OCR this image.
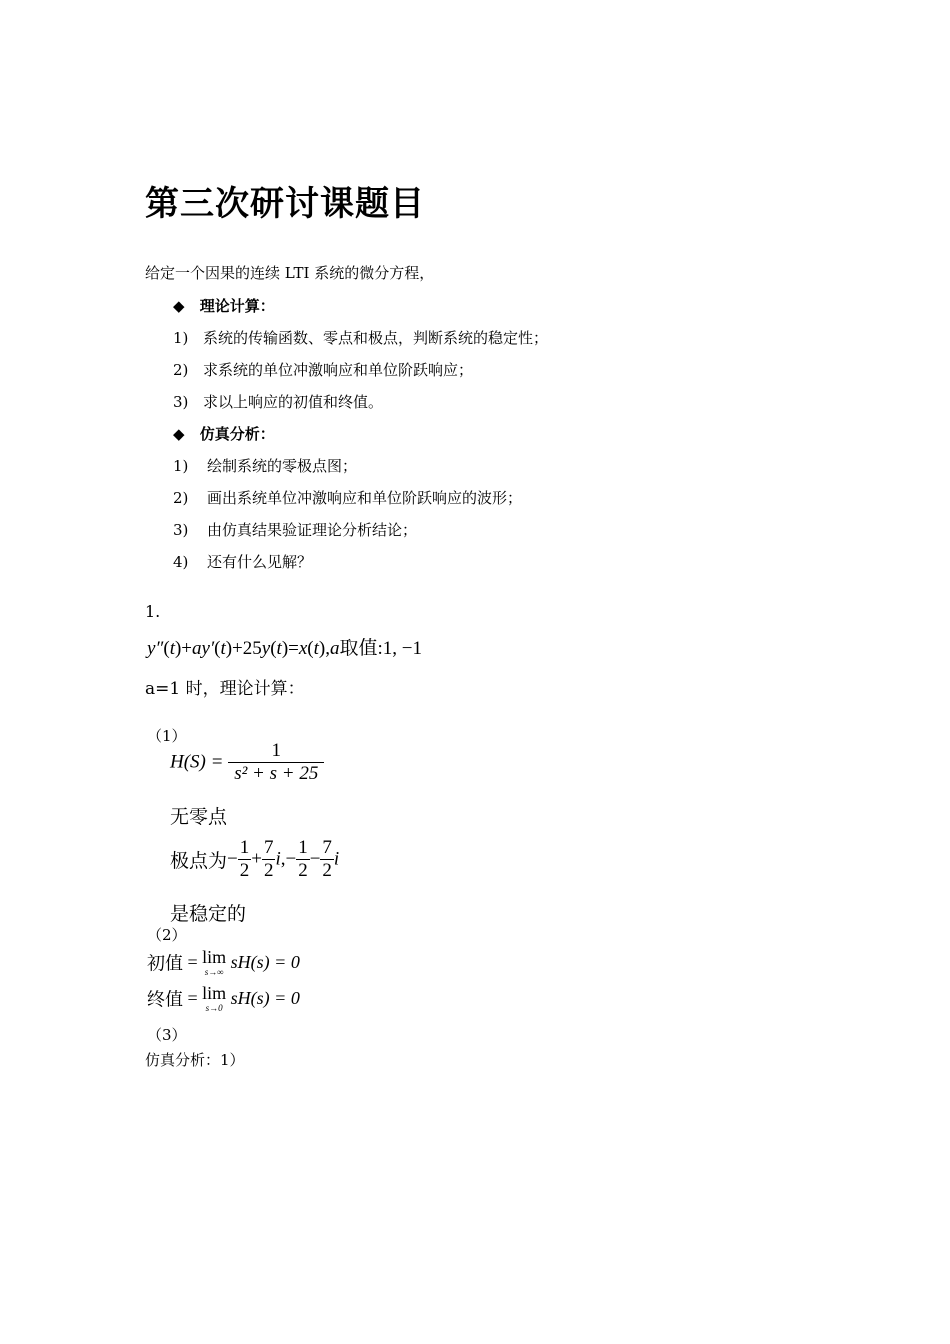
第三次研讨课题目
给定一个因果的连续 LTI 系统的微分方程，
◆ 理论计算：
1) 系统的传输函数、零点和极点，判断系统的稳定性；
2) 求系统的单位冲激响应和单位阶跃响应；
3) 求以上响应的初值和终值。
◆ 仿真分析：
1) 绘制系统的零极点图；
2) 画出系统单位冲激响应和单位阶跃响应的波形；
3) 由仿真结果验证理论分析结论；
4) 还有什么见解？
1.
y″(t)+ay′(t)+25y(t)=x(t),a取值:1, −1
a=1 时，理论计算：
（1）
$H(S) = \frac{1}{\text{s² + s + 25}}$
无零点
极点为− $\frac{1}{2} + \frac{7}{2} i,- \frac{1}{2} - \frac{7}{2}$ i
是稳定的
（2）
初值 = lim
s→∞ sH(s) = 0
终值 = lim
s→0 sH(s) = 0
（3）
仿真分析：1）
